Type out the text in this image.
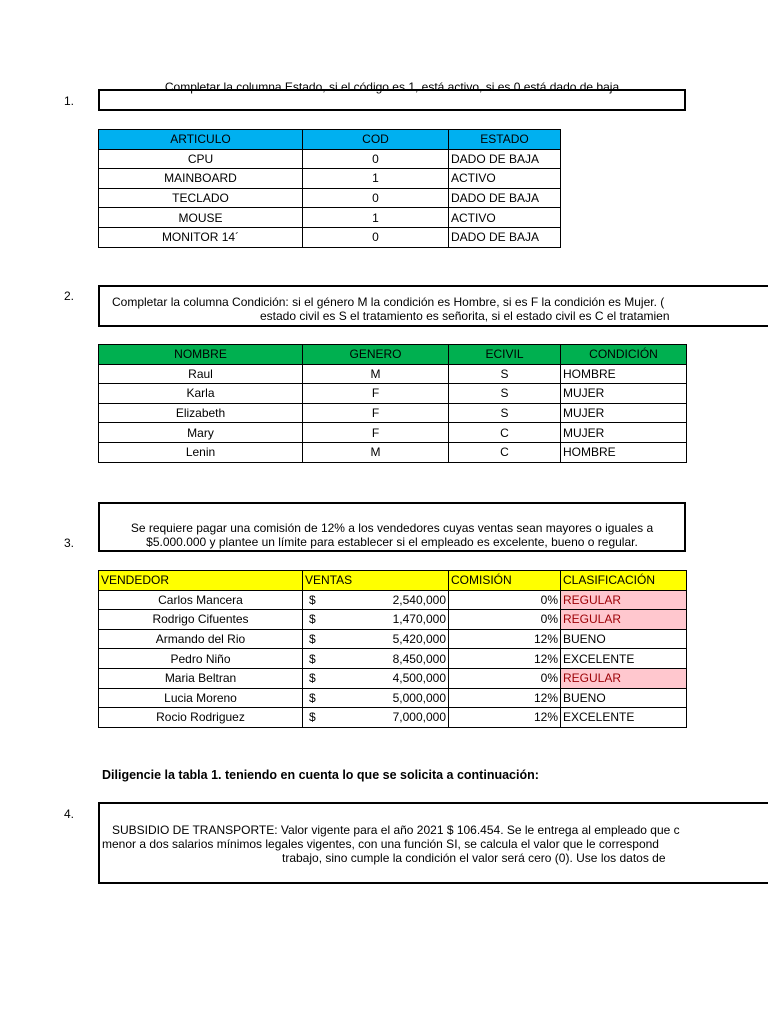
1.
Completar la columna Estado, si el código es 1, está activo, si es 0 está dado de baja
ARTICULO	COD	ESTADO
CPU	0	DADO DE BAJA
MAINBOARD	1	ACTIVO
TECLADO	0	DADO DE BAJA
MOUSE	1	ACTIVO
MONITOR 14´	0	DADO DE BAJA
2.	Completar la columna Condición: si el género M la condición es Hombre, si es F la condición es Mujer. (
estado civil es S el tratamiento es señorita, si el estado civil es C el tratamien
NOMBRE	GENERO	ECIVIL	CONDICIÓN
Raul	M	S	HOMBRE
Karla	F	S	MUJER
Elizabeth	F	S	MUJER
Mary	F	C	MUJER
Lenin	M	C	HOMBRE
3.
Se requiere pagar una comisión de 12% a los vendedores cuyas ventas sean mayores o iguales a
$5.000.000 y plantee un límite para establecer si el empleado es excelente, bueno o regular.
VENDEDOR	VENTAS	COMISIÓN	CLASIFICACIÓN
Carlos Mancera	$ 2,540,000	0%	REGULAR
Rodrigo Cifuentes	$ 1,470,000	0%	REGULAR
Armando del Rio	$ 5,420,000	12%	BUENO
Pedro Niño	$ 8,450,000	12%	EXCELENTE
Maria Beltran	$ 4,500,000	0%	REGULAR
Lucia Moreno	$ 5,000,000	12%	BUENO
Rocio Rodriguez	$ 7,000,000	12%	EXCELENTE
Diligencie la tabla 1. teniendo en cuenta lo que se solicita a continuación:
4.
SUBSIDIO DE TRANSPORTE: Valor vigente para el año 2021 $ 106.454. Se le entrega al empleado que c
menor a dos salarios mínimos legales vigentes, con una función SI, se calcula el valor que le correspond
trabajo, sino cumple la condición el valor será cero (0). Use los datos de
